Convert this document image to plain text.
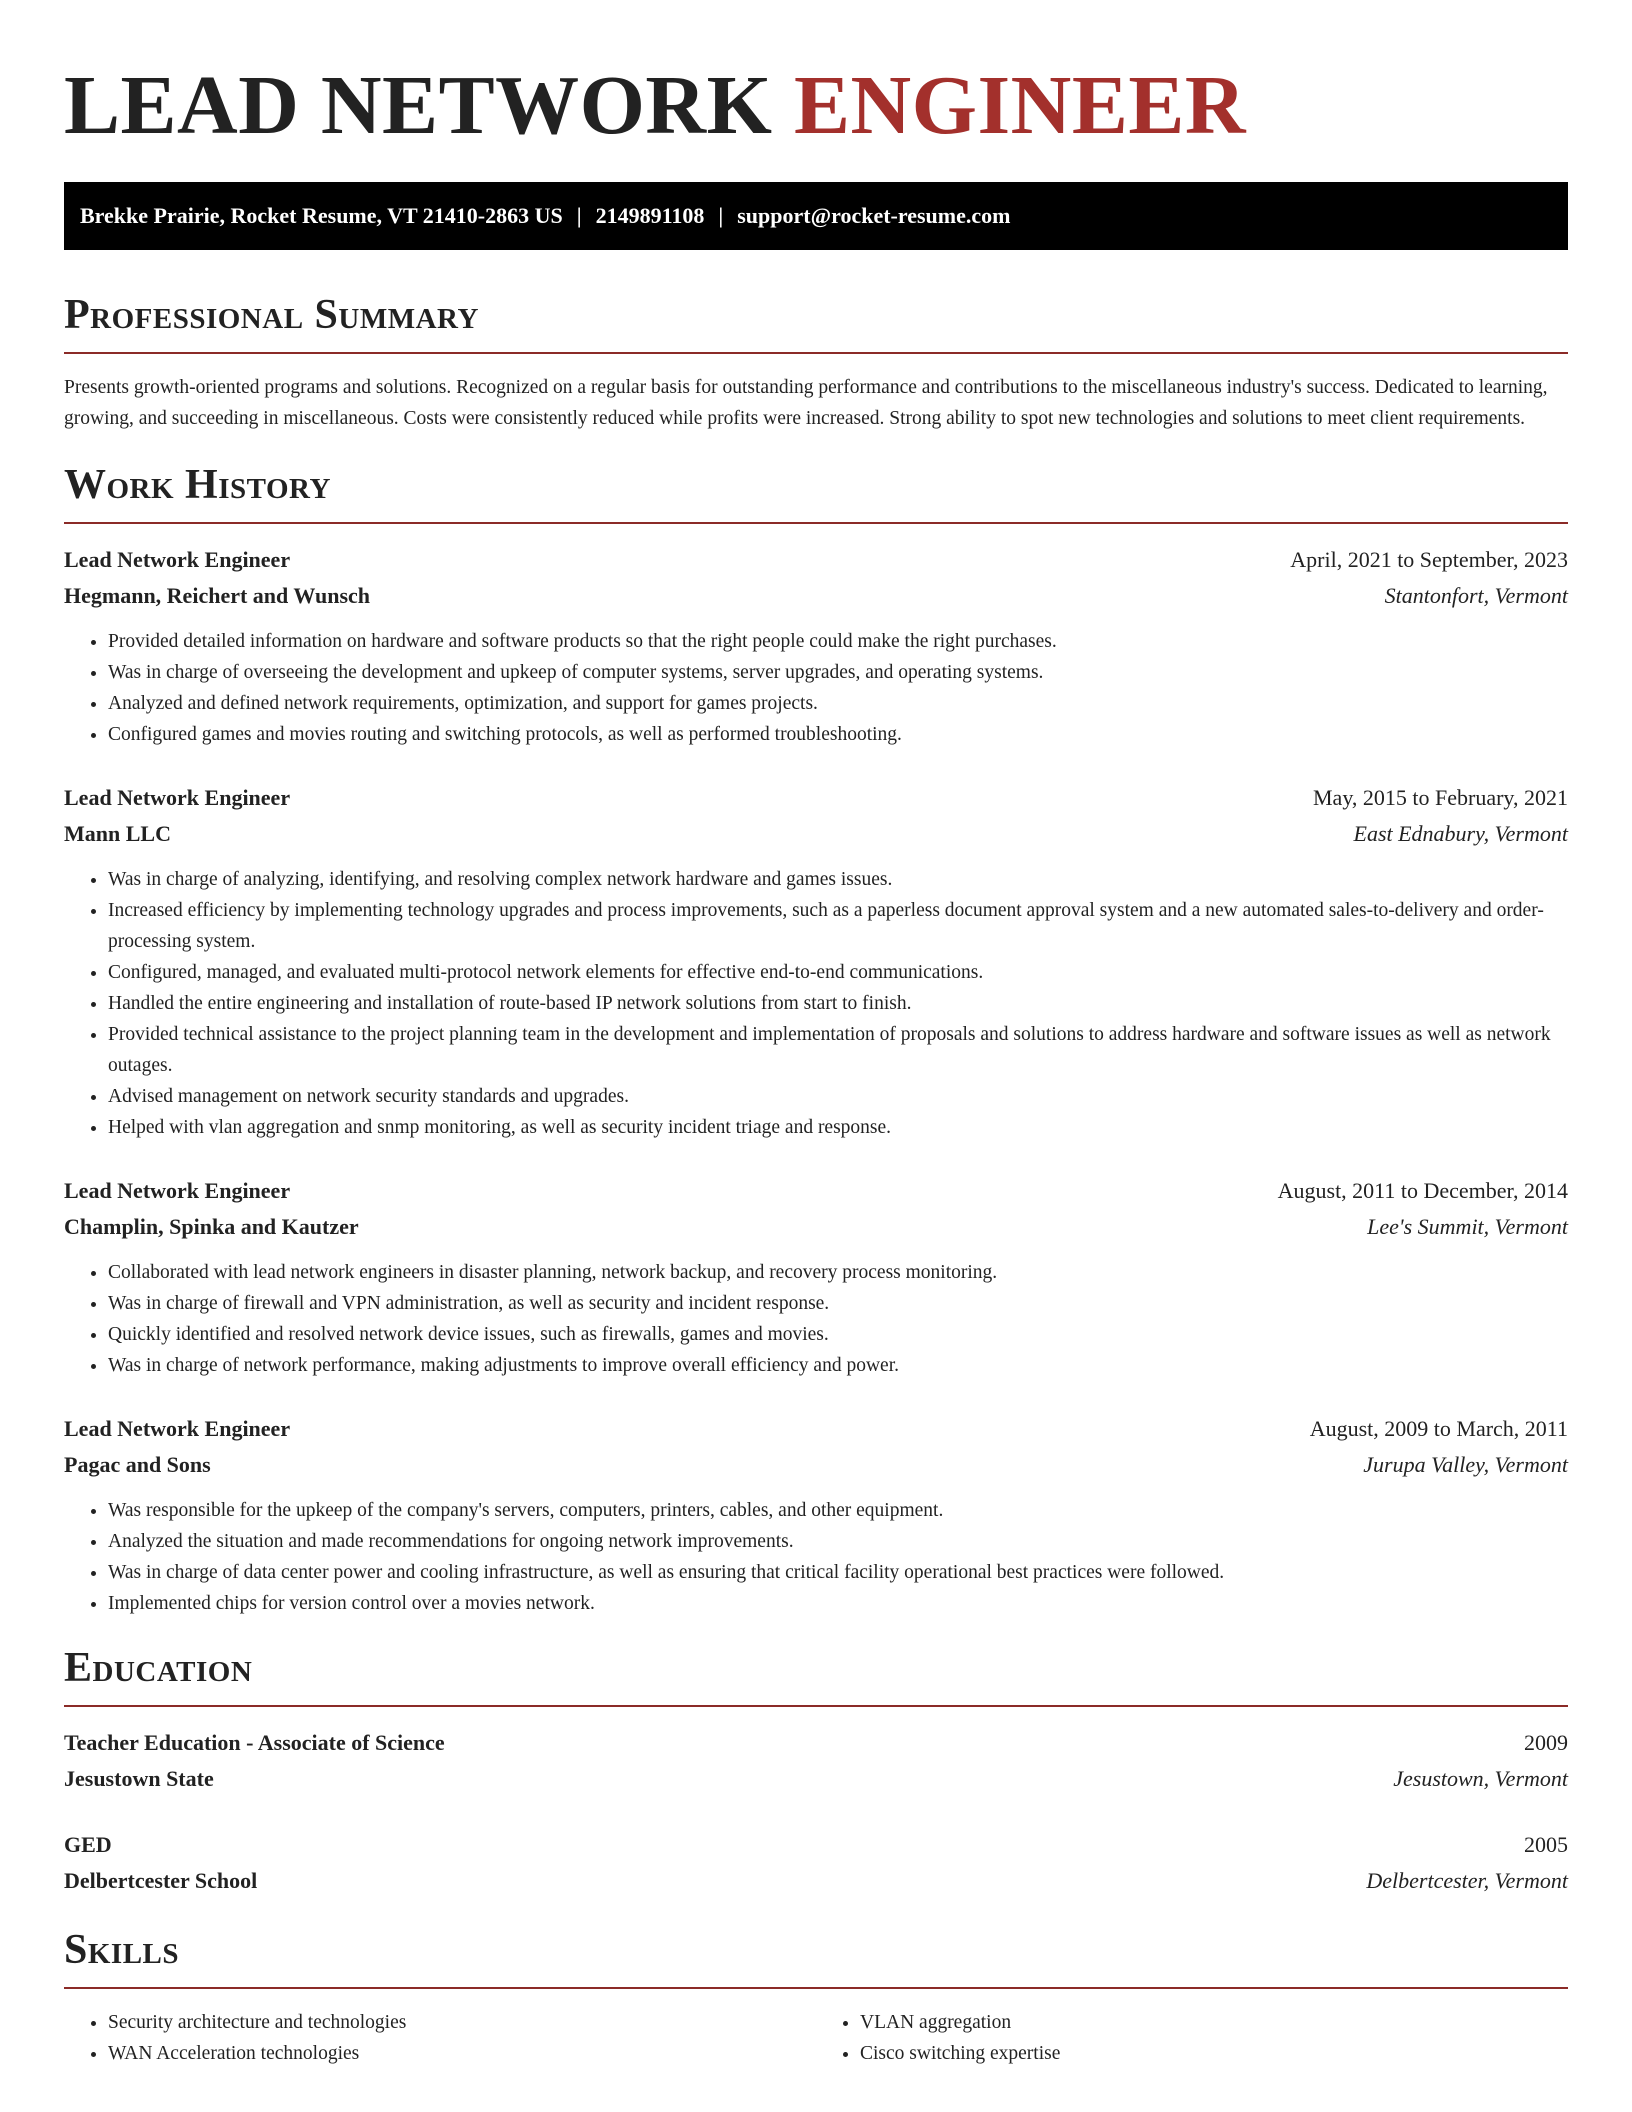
LEAD NETWORK ENGINEER
Brekke Prairie, Rocket Resume, VT 21410-2863 US | 2149891108 | support@rocket-resume.com
Professional Summary

Presents growth-oriented programs and solutions. Recognized on a regular basis for outstanding performance and contributions to the miscellaneous industry's success. Dedicated to learning, growing, and succeeding in miscellaneous. Costs were consistently reduced while profits were increased. Strong ability to spot new technologies and solutions to meet client requirements.

Work History
Lead Network Engineer	April, 2021 to September, 2023
Hegmann, Reichert and Wunsch	Stantonfort, Vermont
• Provided detailed information on hardware and software products so that the right people could make the right purchases.
• Was in charge of overseeing the development and upkeep of computer systems, server upgrades, and operating systems.
• Analyzed and defined network requirements, optimization, and support for games projects.
• Configured games and movies routing and switching protocols, as well as performed troubleshooting.
Lead Network Engineer	May, 2015 to February, 2021
Mann LLC	East Ednabury, Vermont
• Was in charge of analyzing, identifying, and resolving complex network hardware and games issues.
• Increased efficiency by implementing technology upgrades and process improvements, such as a paperless document approval system and a new automated sales-to-delivery and order-processing system.
• Configured, managed, and evaluated multi-protocol network elements for effective end-to-end communications.
• Handled the entire engineering and installation of route-based IP network solutions from start to finish.
• Provided technical assistance to the project planning team in the development and implementation of proposals and solutions to address hardware and software issues as well as network outages.
• Advised management on network security standards and upgrades.
• Helped with vlan aggregation and snmp monitoring, as well as security incident triage and response.
Lead Network Engineer	August, 2011 to December, 2014
Champlin, Spinka and Kautzer	Lee's Summit, Vermont
• Collaborated with lead network engineers in disaster planning, network backup, and recovery process monitoring.
• Was in charge of firewall and VPN administration, as well as security and incident response.
• Quickly identified and resolved network device issues, such as firewalls, games and movies.
• Was in charge of network performance, making adjustments to improve overall efficiency and power.
Lead Network Engineer	August, 2009 to March, 2011
Pagac and Sons	Jurupa Valley, Vermont
• Was responsible for the upkeep of the company's servers, computers, printers, cables, and other equipment.
• Analyzed the situation and made recommendations for ongoing network improvements.
• Was in charge of data center power and cooling infrastructure, as well as ensuring that critical facility operational best practices were followed.
• Implemented chips for version control over a movies network.
Education
Teacher Education - Associate of Science	2009
Jesustown State	Jesustown, Vermont
GED	2005
Delbertcester School	Delbertcester, Vermont
Skills
• Security architecture and technologies
• WAN Acceleration technologies
• VLAN aggregation
• Cisco switching expertise
